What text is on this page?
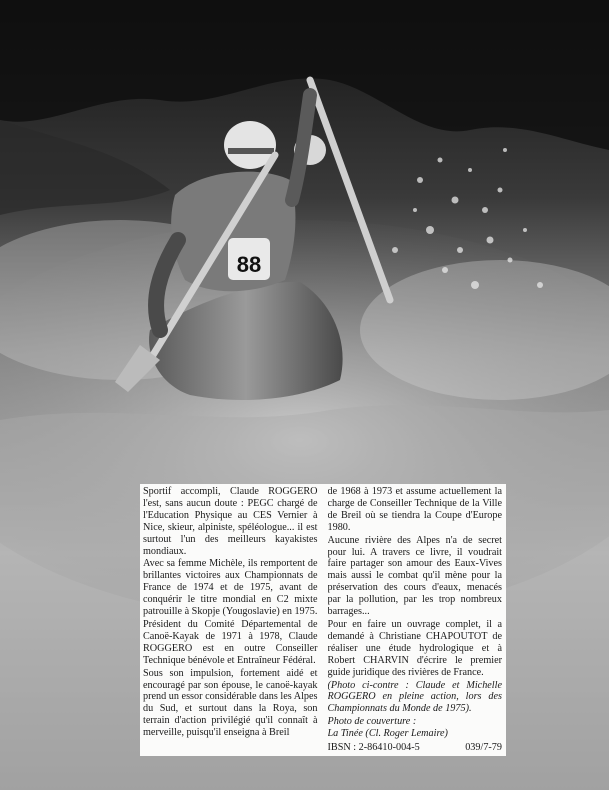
88

Sportif accompli, Claude ROGGERO l'est, sans aucun doute : PEGC chargé de l'Education Physique au CES Vernier à Nice, skieur, alpiniste, spéléologue... il est surtout l'un des meilleurs kayakistes mondiaux.

Avec sa femme Michèle, ils remportent de brillantes victoires aux Championnats de France de 1974 et de 1975, avant de conquérir le titre mondial en C2 mixte patrouille à Skopje (Yougoslavie) en 1975.

Président du Comité Départemental de Canoë-Kayak de 1971 à 1978, Claude ROGGERO est en outre Conseiller Technique bénévole et Entraîneur Fédéral.

Sous son impulsion, fortement aidé et encouragé par son épouse, le canoë-kayak prend un essor considérable dans les Alpes du Sud, et surtout dans la Roya, son terrain d'action privilégié qu'il connaît à merveille, puisqu'il enseigna à Breil

de 1968 à 1973 et assume actuellement la charge de Conseiller Technique de la Ville de Breil où se tiendra la Coupe d'Europe 1980.

Aucune rivière des Alpes n'a de secret pour lui. A travers ce livre, il voudrait faire partager son amour des Eaux-Vives mais aussi le combat qu'il mène pour la préservation des cours d'eaux, menacés par la pollution, par les trop nombreux barrages...

Pour en faire un ouvrage complet, il a demandé à Christiane CHAPOUTOT de réaliser une étude hydrologique et à Robert CHARVIN d'écrire le premier guide juridique des rivières de France.

(Photo ci-contre : Claude et Michelle ROGGERO en pleine action, lors des Championnats du Monde de 1975).

Photo de couverture :

La Tinée (Cl. Roger Lemaire)

IBSN : 2-86410-004-5	039/7-79
